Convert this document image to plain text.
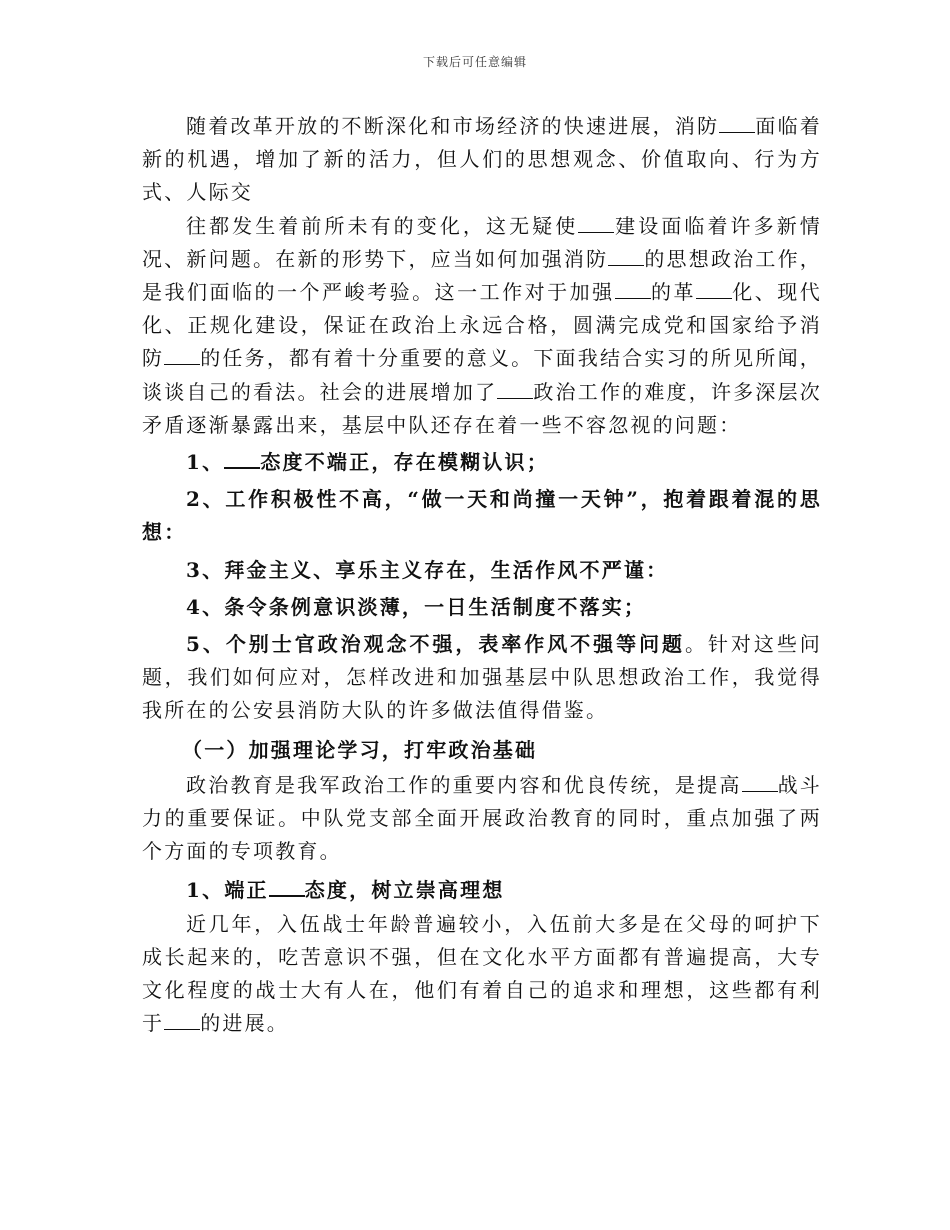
下载后可任意编辑

随着改革开放的不断深化和市场经济的快速进展，消防 面临着新的机遇，增加了新的活力，但人们的思想观念、价值取向、行为方式、人际交

往都发生着前所未有的变化，这无疑使 建设面临着许多新情况、新问题。在新的形势下，应当如何加强消防 的思想政治工作，是我们面临的一个严峻考验。这一工作对于加强 的革 化、现代化、正规化建设，保证在政治上永远合格，圆满完成党和国家给予消防 的任务，都有着十分重要的意义。下面我结合实习的所见所闻，谈谈自己的看法。社会的进展增加了 政治工作的难度，许多深层次矛盾逐渐暴露出来，基层中队还存在着一些不容忽视的问题：

1、 态度不端正，存在模糊认识；

2、工作积极性不高，“做一天和尚撞一天钟”，抱着跟着混的思想：

3、拜金主义、享乐主义存在，生活作风不严谨：

4、条令条例意识淡薄，一日生活制度不落实；

5、个别士官政治观念不强，表率作风不强等问题。针对这些问题，我们如何应对，怎样改进和加强基层中队思想政治工作，我觉得我所在的公安县消防大队的许多做法值得借鉴。

（一）加强理论学习，打牢政治基础

政治教育是我军政治工作的重要内容和优良传统，是提高 战斗力的重要保证。中队党支部全面开展政治教育的同时，重点加强了两个方面的专项教育。

1、端正 态度，树立崇高理想

近几年，入伍战士年龄普遍较小，入伍前大多是在父母的呵护下成长起来的，吃苦意识不强，但在文化水平方面都有普遍提高，大专文化程度的战士大有人在，他们有着自己的追求和理想，这些都有利于 的进展。
